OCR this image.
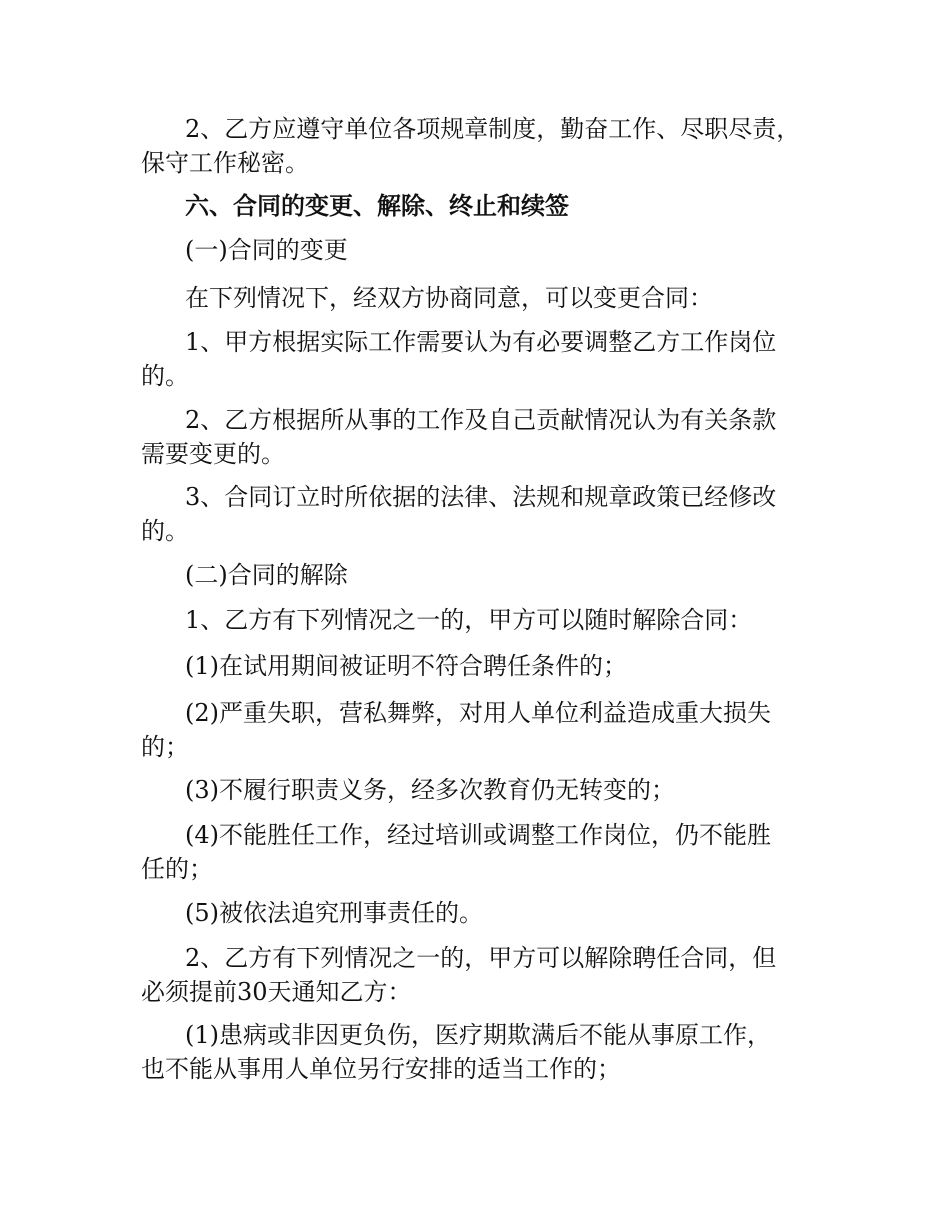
2、乙方应遵守单位各项规章制度，勤奋工作、尽职尽责，
保守工作秘密。
六、合同的变更、解除、终止和续签
(一)合同的变更
在下列情况下，经双方协商同意，可以变更合同：
1、甲方根据实际工作需要认为有必要调整乙方工作岗位
的。
2、乙方根据所从事的工作及自己贡献情况认为有关条款
需要变更的。
3、合同订立时所依据的法律、法规和规章政策已经修改
的。
(二)合同的解除
1、乙方有下列情况之一的，甲方可以随时解除合同：
(1)在试用期间被证明不符合聘任条件的；
(2)严重失职，营私舞弊，对用人单位利益造成重大损失
的；
(3)不履行职责义务，经多次教育仍无转变的；
(4)不能胜任工作，经过培训或调整工作岗位，仍不能胜
任的；
(5)被依法追究刑事责任的。
2、乙方有下列情况之一的，甲方可以解除聘任合同，但
必须提前30天通知乙方：
(1)患病或非因更负伤，医疗期欺满后不能从事原工作，
也不能从事用人单位另行安排的适当工作的；
